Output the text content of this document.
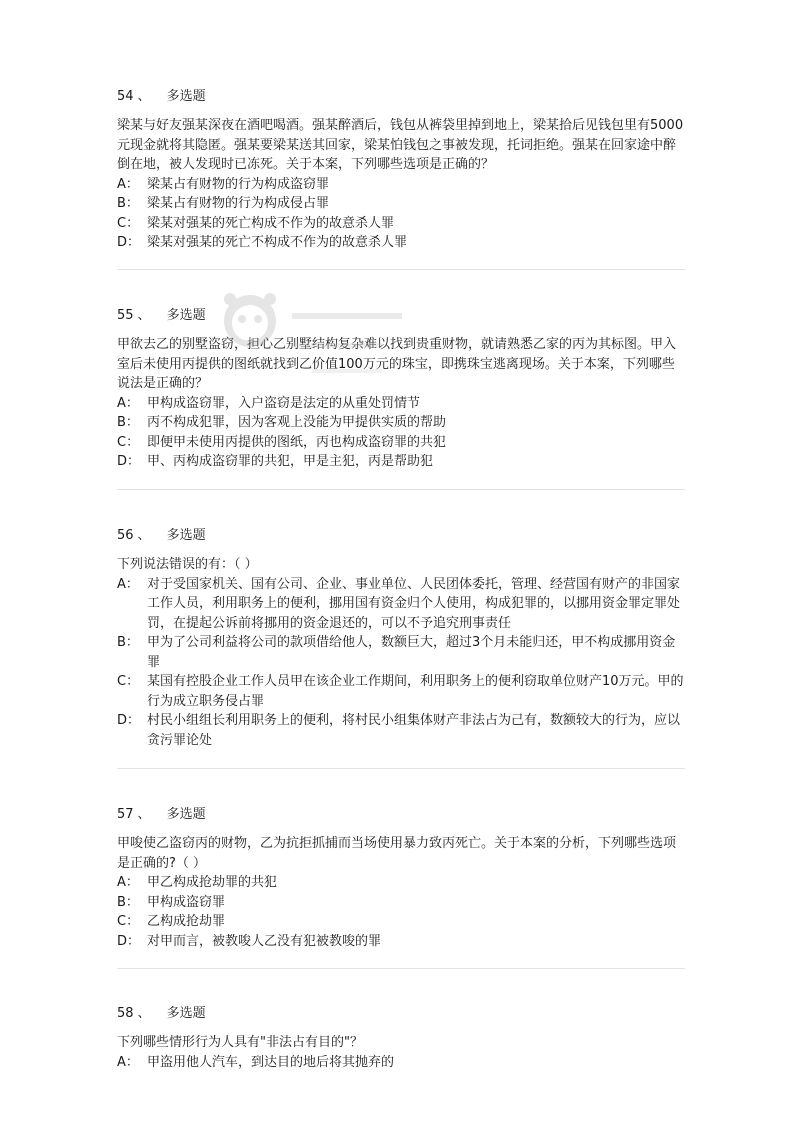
54 、 多选题
梁某与好友强某深夜在酒吧喝酒。强某醉酒后，钱包从裤袋里掉到地上，梁某拾后见钱包里有5000元现金就将其隐匿。强某要梁某送其回家，梁某怕钱包之事被发现，托词拒绝。强某在回家途中醉倒在地，被人发现时已冻死。关于本案，下列哪些选项是正确的？
A： 梁某占有财物的行为构成盗窃罪
B： 梁某占有财物的行为构成侵占罪
C： 梁某对强某的死亡构成不作为的故意杀人罪
D： 梁某对强某的死亡不构成不作为的故意杀人罪
55 、 多选题
甲欲去乙的别墅盗窃，担心乙别墅结构复杂难以找到贵重财物，就请熟悉乙家的丙为其标图。甲入室后未使用丙提供的图纸就找到乙价值100万元的珠宝，即携珠宝逃离现场。关于本案，下列哪些说法是正确的？
A： 甲构成盗窃罪，入户盗窃是法定的从重处罚情节
B： 丙不构成犯罪，因为客观上没能为甲提供实质的帮助
C： 即便甲未使用丙提供的图纸，丙也构成盗窃罪的共犯
D： 甲、丙构成盗窃罪的共犯，甲是主犯，丙是帮助犯
56 、 多选题
下列说法错误的有：（ ）
A： 对于受国家机关、国有公司、企业、事业单位、人民团体委托，管理、经营国有财产的非国家工作人员，利用职务上的便利，挪用国有资金归个人使用，构成犯罪的，以挪用资金罪定罪处罚，在提起公诉前将挪用的资金退还的，可以不予追究刑事责任
B： 甲为了公司利益将公司的款项借给他人，数额巨大，超过3个月未能归还，甲不构成挪用资金罪
C： 某国有控股企业工作人员甲在该企业工作期间，利用职务上的便利窃取单位财产10万元。甲的行为成立职务侵占罪
D： 村民小组组长利用职务上的便利，将村民小组集体财产非法占为己有，数额较大的行为，应以贪污罪论处
57 、 多选题
甲唆使乙盗窃丙的财物，乙为抗拒抓捕而当场使用暴力致丙死亡。关于本案的分析，下列哪些选项是正确的?（ ）
A： 甲乙构成抢劫罪的共犯
B： 甲构成盗窃罪
C： 乙构成抢劫罪
D： 对甲而言，被教唆人乙没有犯被教唆的罪
58 、 多选题
下列哪些情形行为人具有"非法占有目的"？
A： 甲盗用他人汽车，到达目的地后将其抛弃的
